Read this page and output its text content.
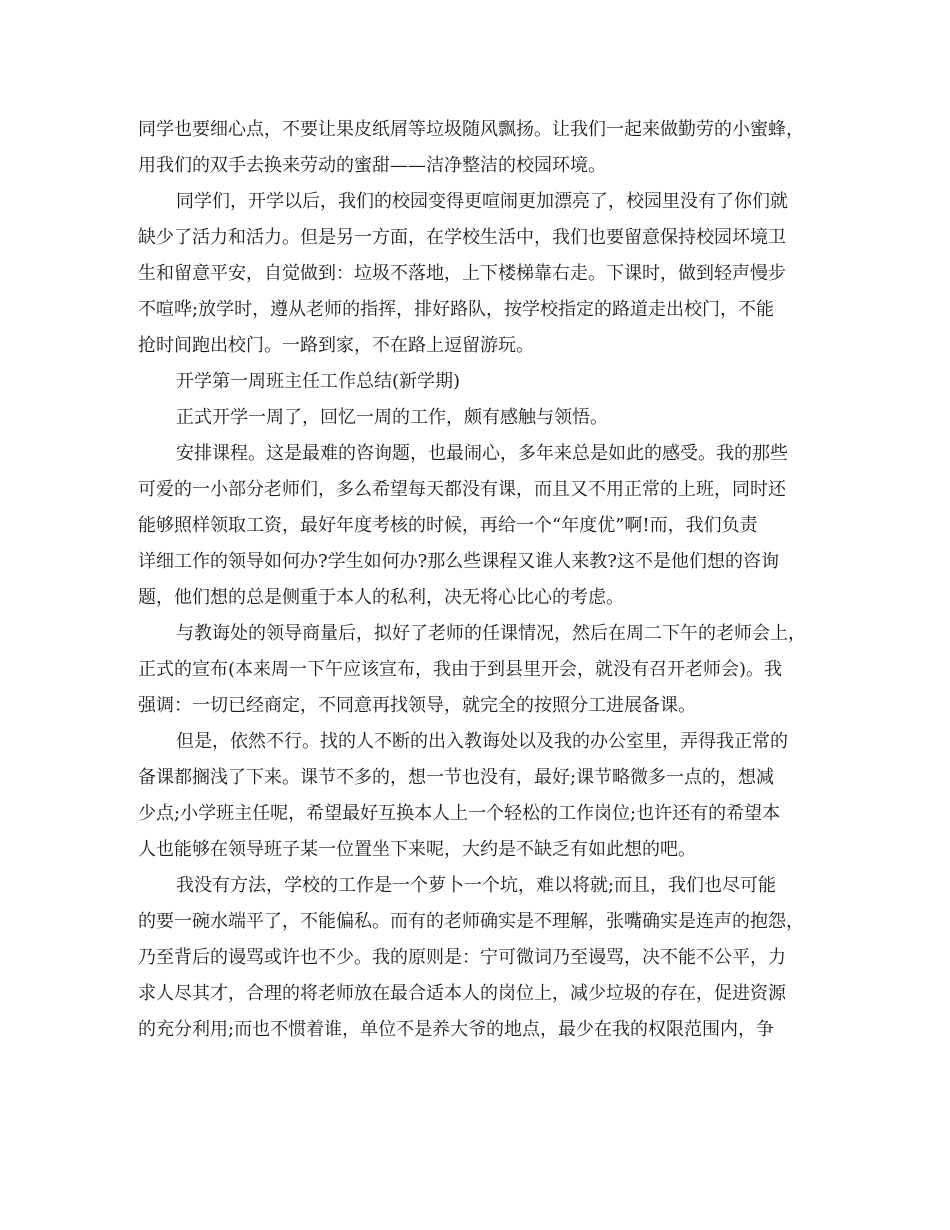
同学也要细心点，不要让果皮纸屑等垃圾随风飘扬。让我们一起来做勤劳的小蜜蜂，
用我们的双手去换来劳动的蜜甜——洁净整洁的校园环境。
同学们，开学以后，我们的校园变得更喧闹更加漂亮了，校园里没有了你们就
缺少了活力和活力。但是另一方面，在学校生活中，我们也要留意保持校园坏境卫
生和留意平安，自觉做到：垃圾不落地，上下楼梯靠右走。下课时，做到轻声慢步
不喧哗;放学时，遵从老师的指挥，排好路队，按学校指定的路道走出校门，不能
抢时间跑出校门。一路到家，不在路上逗留游玩。
开学第一周班主任工作总结(新学期)
正式开学一周了，回忆一周的工作，颇有感触与领悟。
安排课程。这是最难的咨询题，也最闹心，多年来总是如此的感受。我的那些
可爱的一小部分老师们，多么希望每天都没有课，而且又不用正常的上班，同时还
能够照样领取工资，最好年度考核的时候，再给一个“年度优”啊!而，我们负责
详细工作的领导如何办?学生如何办?那么些课程又谁人来教?这不是他们想的咨询
题，他们想的总是侧重于本人的私利，决无将心比心的考虑。
与教诲处的领导商量后，拟好了老师的任课情况，然后在周二下午的老师会上，
正式的宣布(本来周一下午应该宣布，我由于到县里开会，就没有召开老师会)。我
强调：一切已经商定，不同意再找领导，就完全的按照分工进展备课。
但是，依然不行。找的人不断的出入教诲处以及我的办公室里，弄得我正常的
备课都搁浅了下来。课节不多的，想一节也没有，最好;课节略微多一点的，想减
少点;小学班主任呢，希望最好互换本人上一个轻松的工作岗位;也许还有的希望本
人也能够在领导班子某一位置坐下来呢，大约是不缺乏有如此想的吧。
我没有方法，学校的工作是一个萝卜一个坑，难以将就;而且，我们也尽可能
的要一碗水端平了，不能偏私。而有的老师确实是不理解，张嘴确实是连声的抱怨，
乃至背后的谩骂或许也不少。我的原则是：宁可微词乃至谩骂，决不能不公平，力
求人尽其才，合理的将老师放在最合适本人的岗位上，减少垃圾的存在，促进资源
的充分利用;而也不惯着谁，单位不是养大爷的地点，最少在我的权限范围内，争
